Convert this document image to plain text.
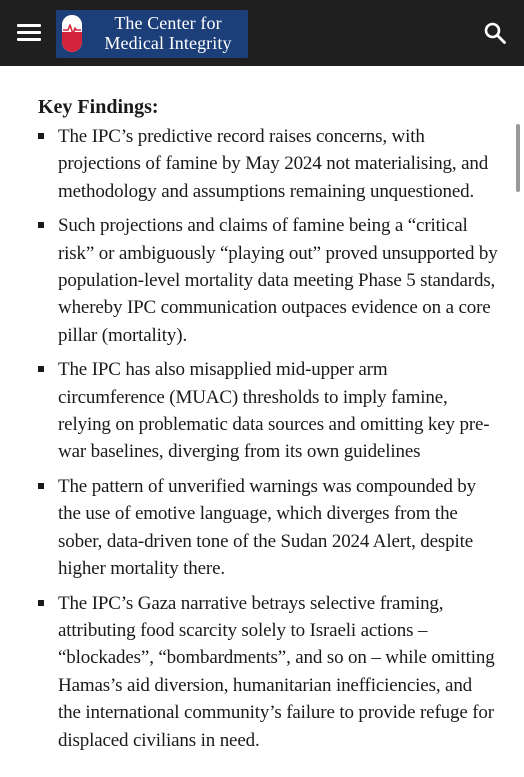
The Center for
Medical Integrity
Key Findings:
The IPC’s predictive record raises concerns, with projections of famine by May 2024 not materialising, and methodology and assumptions remaining unquestioned.
Such projections and claims of famine being a “critical risk” or ambiguously “playing out” proved unsupported by population-level mortality data meeting Phase 5 standards, whereby IPC communication outpaces evidence on a core pillar (mortality).
The IPC has also misapplied mid-upper arm circumference (MUAC) thresholds to imply famine, relying on problematic data sources and omitting key pre-war baselines, diverging from its own guidelines
The pattern of unverified warnings was compounded by the use of emotive language, which diverges from the sober, data-driven tone of the Sudan 2024 Alert, despite higher mortality there.
The IPC’s Gaza narrative betrays selective framing, attributing food scarcity solely to Israeli actions – “blockades”, “bombardments”, and so on – while omitting Hamas’s aid diversion, humanitarian inefficiencies, and the international community’s failure to provide refuge for displaced civilians in need.
